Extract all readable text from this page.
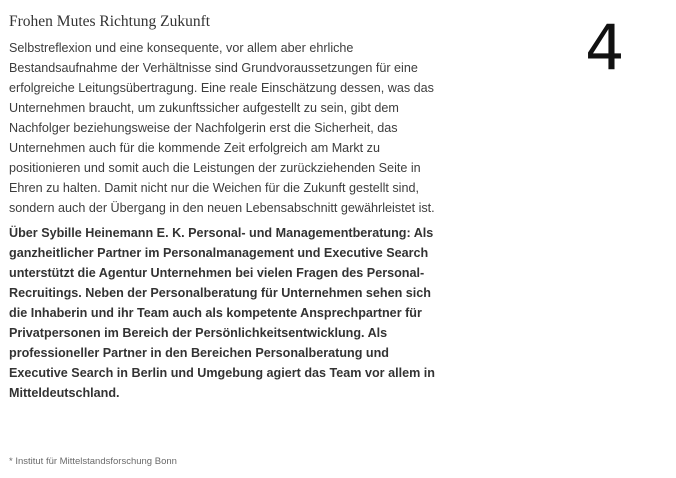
Frohen Mutes Richtung Zukunft

Selbstreflexion und eine konsequente, vor allem aber ehrliche Bestandsaufnahme der Verhältnisse sind Grundvoraussetzungen für eine erfolgreiche Leitungsübertragung. Eine reale Einschätzung dessen, was das Unternehmen braucht, um zukunftssicher aufgestellt zu sein, gibt dem Nachfolger beziehungsweise der Nachfolgerin erst die Sicherheit, das Unternehmen auch für die kommende Zeit erfolgreich am Markt zu positionieren und somit auch die Leistungen der zurückziehenden Seite in Ehren zu halten. Damit nicht nur die Weichen für die Zukunft gestellt sind, sondern auch der Übergang in den neuen Lebensabschnitt gewährleistet ist.

Über Sybille Heinemann E. K. Personal- und Managementberatung: Als ganzheitlicher Partner im Personalmanagement und Executive Search unterstützt die Agentur Unternehmen bei vielen Fragen des Personal-Recruitings. Neben der Personalberatung für Unternehmen sehen sich die Inhaberin und ihr Team auch als kompetente Ansprechpartner für Privatpersonen im Bereich der Persönlichkeitsentwicklung. Als professioneller Partner in den Bereichen Personalberatung und Executive Search in Berlin und Umgebung agiert das Team vor allem in Mitteldeutschland.

4
* Institut für Mittelstandsforschung Bonn
